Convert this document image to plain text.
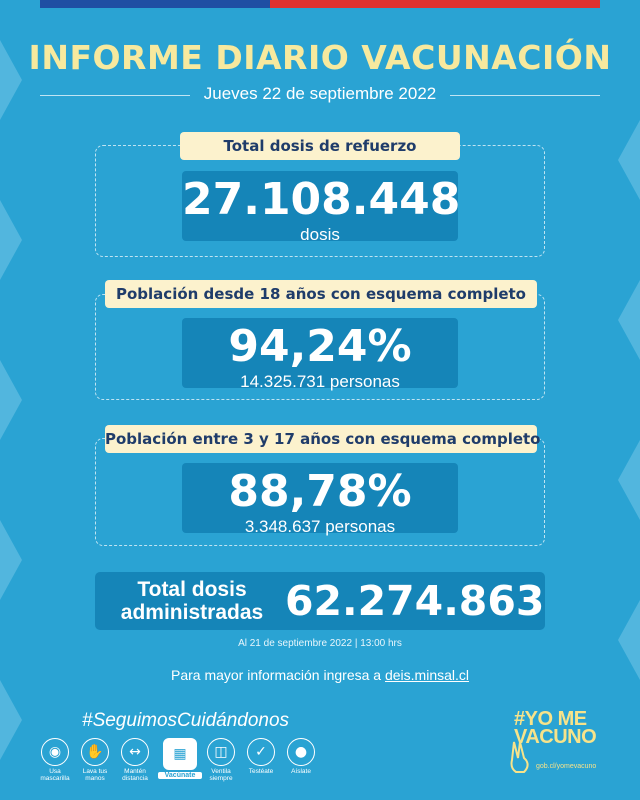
INFORME DIARIO VACUNACIÓN
Jueves 22 de septiembre 2022
Total dosis de refuerzo
27.108.448
dosis
Población desde 18 años con esquema completo
94,24%
14.325.731 personas
Población entre 3 y 17 años con esquema completo
88,78%
3.348.637 personas
Total dosis
administradas 62.274.863
Al 21 de septiembre 2022 | 13:00 hrs
Para mayor información ingresa a deis.minsal.cl
#SeguimosCuidándonos
◉
Usa mascarilla
✋
Lava tus manos
↔
Mantén distancia
▦
Vacúnate
◫
Ventila siempre
✓
Testéate
●
Aíslate
#YO ME
VACUNO
gob.cl/yomevacuno
